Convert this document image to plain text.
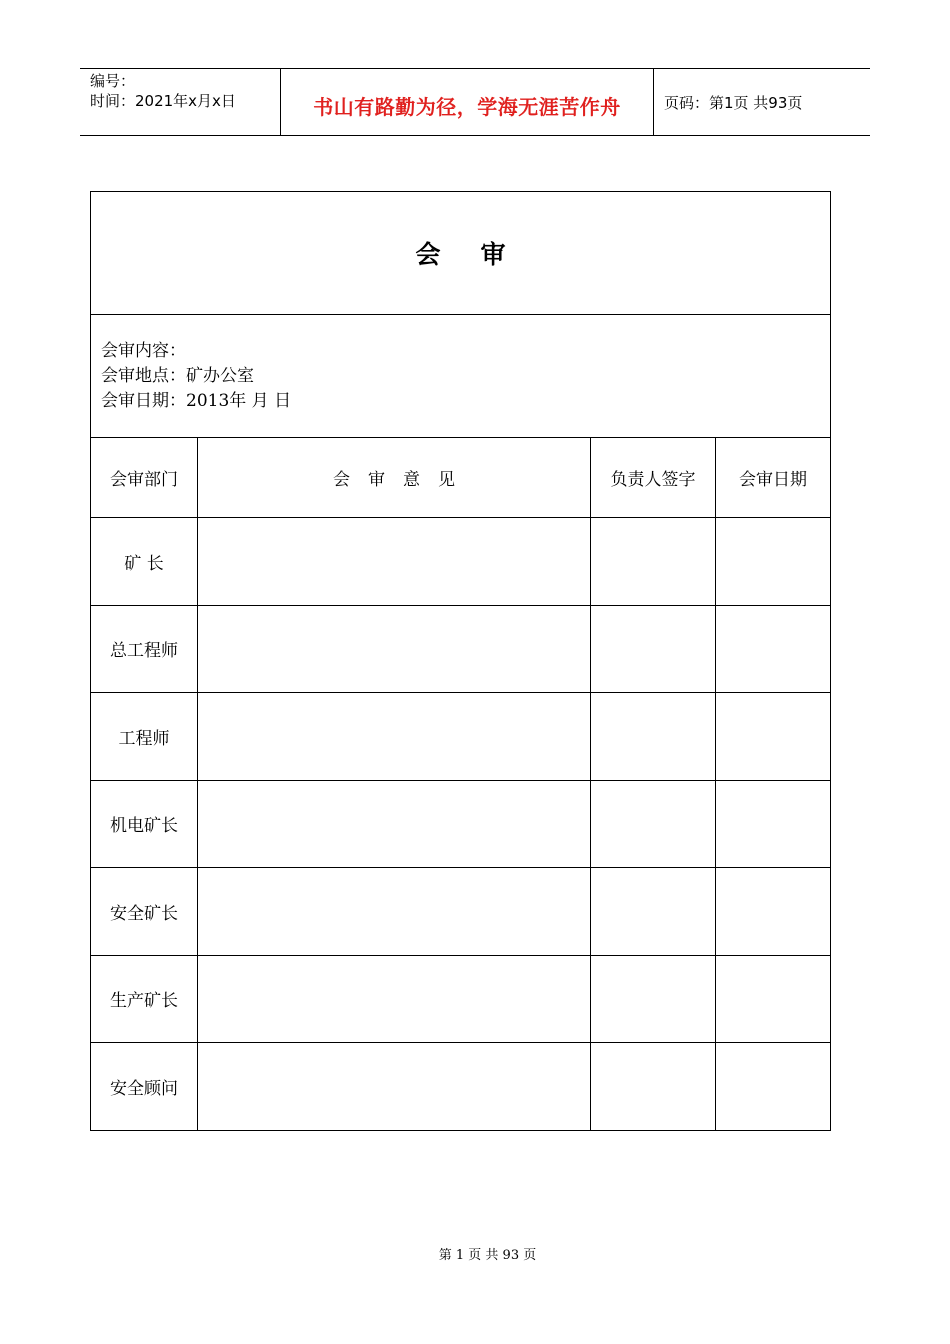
编号：
时间：2021年x月x日	书山有路勤为径，学海无涯苦作舟	页码：第1页 共93页
会审			

会审内容：
会审地点：矿办公室
会审日期：2013年 月 日			

会审部门	会审意见	负责人签字	会审日期
矿 长			
总工程师			
工程师			
机电矿长			
安全矿长			
生产矿长			
安全顾问			
第 1 页 共 93 页
